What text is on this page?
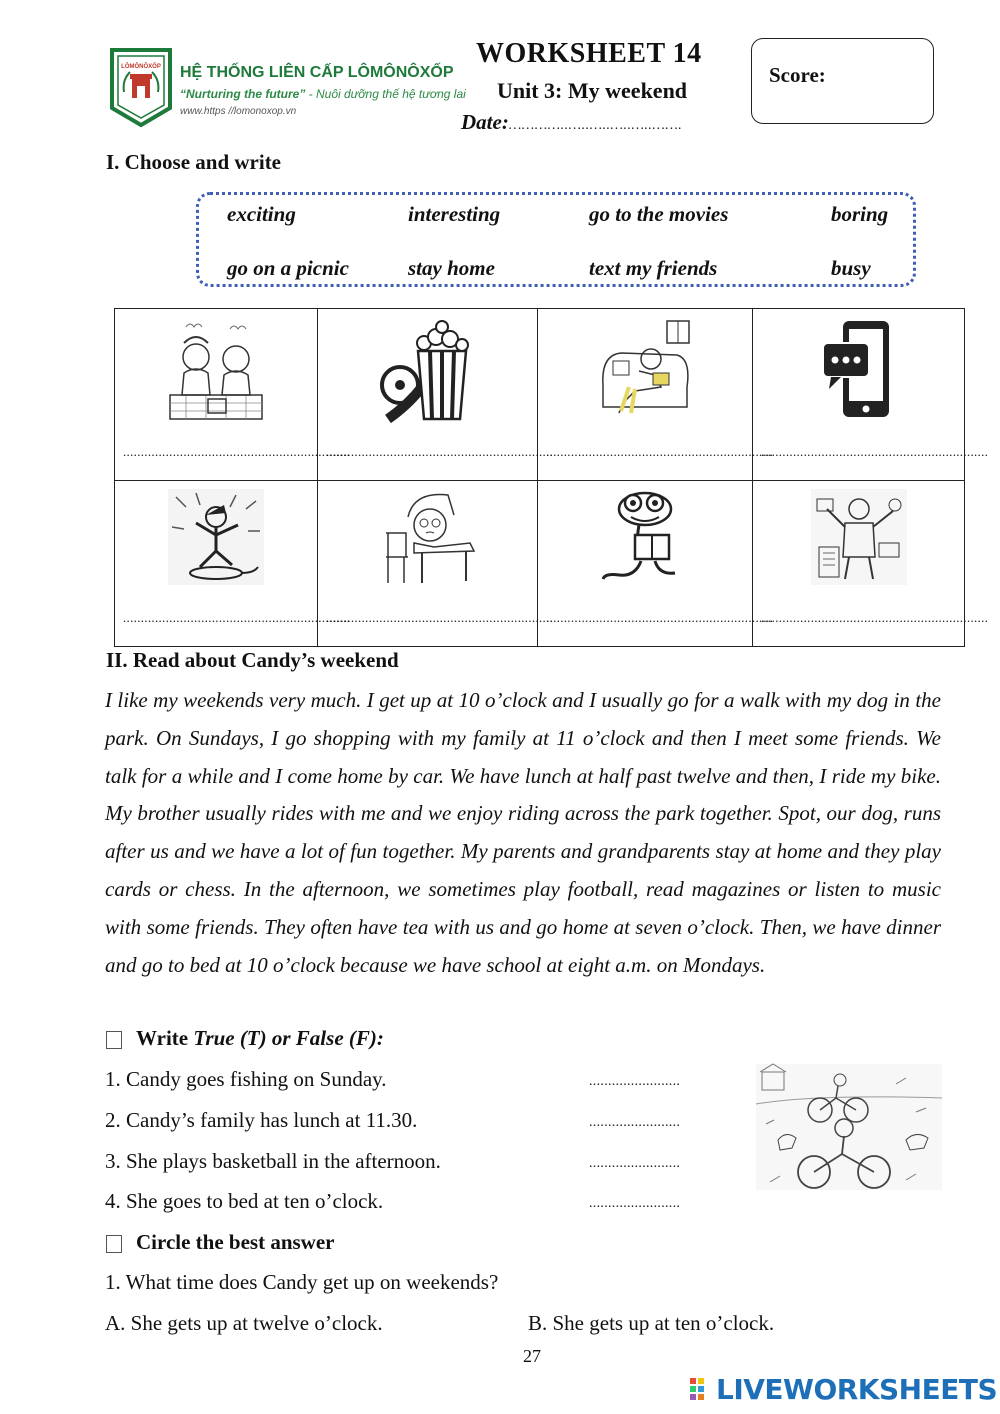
LÔMÔNÔXỐP HỆ THỐNG LIÊN CẤP LÔMÔNÔXỐP
“Nurturing the future” - Nuôi dưỡng thế hệ tương lai
www.https //lomonoxop.vn
WORKSHEET 14
Unit 3: My weekend
Date:…………..…..…..…..…..…….
Score:
I. Choose and write
exciting	interesting	go to the movies	boring
go on a picnic	stay home	text my friends	busy
................................................................	................................................................	................................................................	................................................................

................................................................	................................................................	................................................................	................................................................
II. Read about Candy’s weekend
I like my weekends very much. I get up at 10 o’clock and I usually go for a walk with my dog in the park. On Sundays, I go shopping with my family at 11 o’clock and then I meet some friends. We talk for a while and I come home by car. We have lunch at half past twelve and then, I ride my bike. My brother usually rides with me and we enjoy riding across the park together. Spot, our dog, runs after us and we have a lot of fun together. My parents and grandparents stay at home and they play cards or chess. In the afternoon, we sometimes play football, read magazines or listen to music with some friends. They often have tea with us and go home at seven o’clock. Then, we have dinner and go to bed at 10 o’clock because we have school at eight a.m. on Mondays.
Write True (T) or False (F):
1. Candy goes fishing on Sunday.	........................
2. Candy’s family has lunch at 11.30.	........................
3. She plays basketball in the afternoon.	........................
4. She goes to bed at ten o’clock.	........................
Circle the best answer
1. What time does Candy get up on weekends?
A. She gets up at twelve o’clock.	B. She gets up at ten o’clock.
27
LIVEWORKSHEETS
